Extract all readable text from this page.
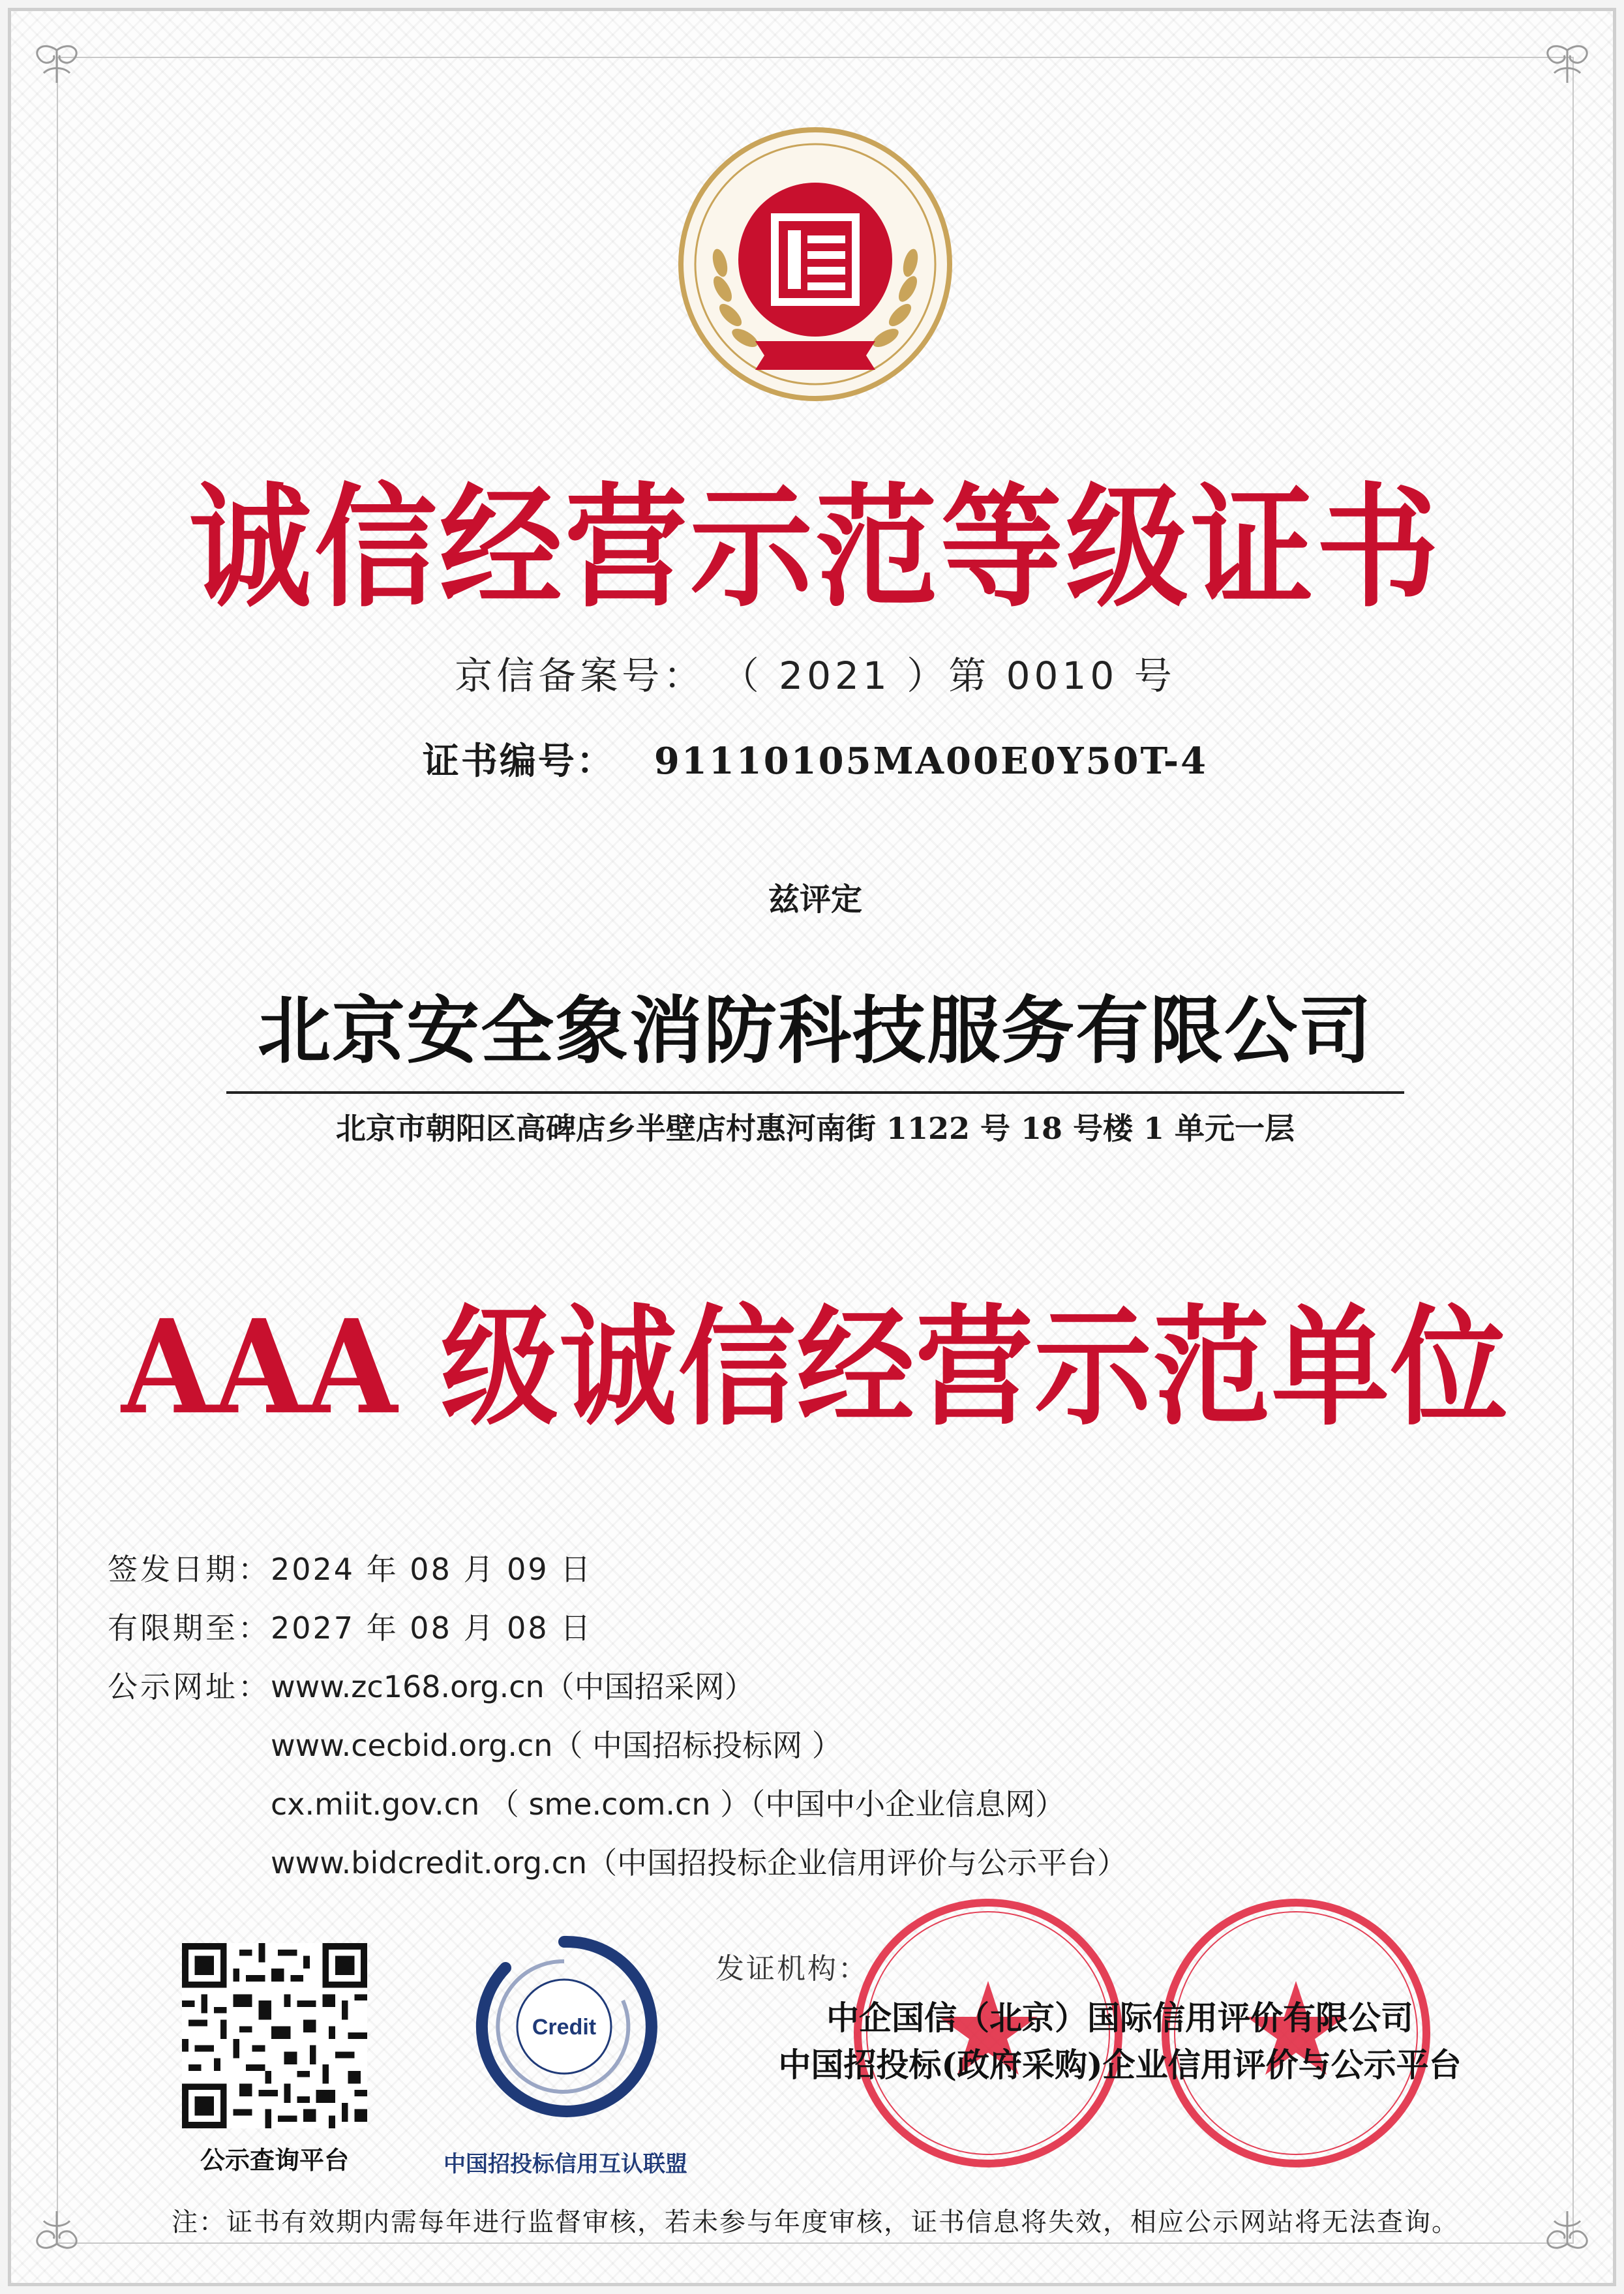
诚信经营示范等级证书
京信备案号： （ 2021 ）第 0010 号
证书编号： 91110105MA00E0Y50T-4
兹评定
北京安全象消防科技服务有限公司
北京市朝阳区高碑店乡半壁店村惠河南街 1122 号 18 号楼 1 单元一层
AAA 级诚信经营示范单位
签发日期：2024 年 08 月 09 日
有限期至：2027 年 08 月 08 日
公示网址： www.zc168.org.cn（中国招采网）
www.cecbid.org.cn（ 中国招标投标网 ）
cx.miit.gov.cn （ sme.com.cn ）（中国中小企业信息网）
www.bidcredit.org.cn（中国招投标企业信用评价与公示平台）
公示查询平台
Credit
中国招投标信用互认联盟
发证机构：
中企国信（北京）国际信用评价有限公司
中国招投标(政府采购)企业信用评价与公示平台
注：证书有效期内需每年进行监督审核，若未参与年度审核，证书信息将失效，相应公示网站将无法查询。
